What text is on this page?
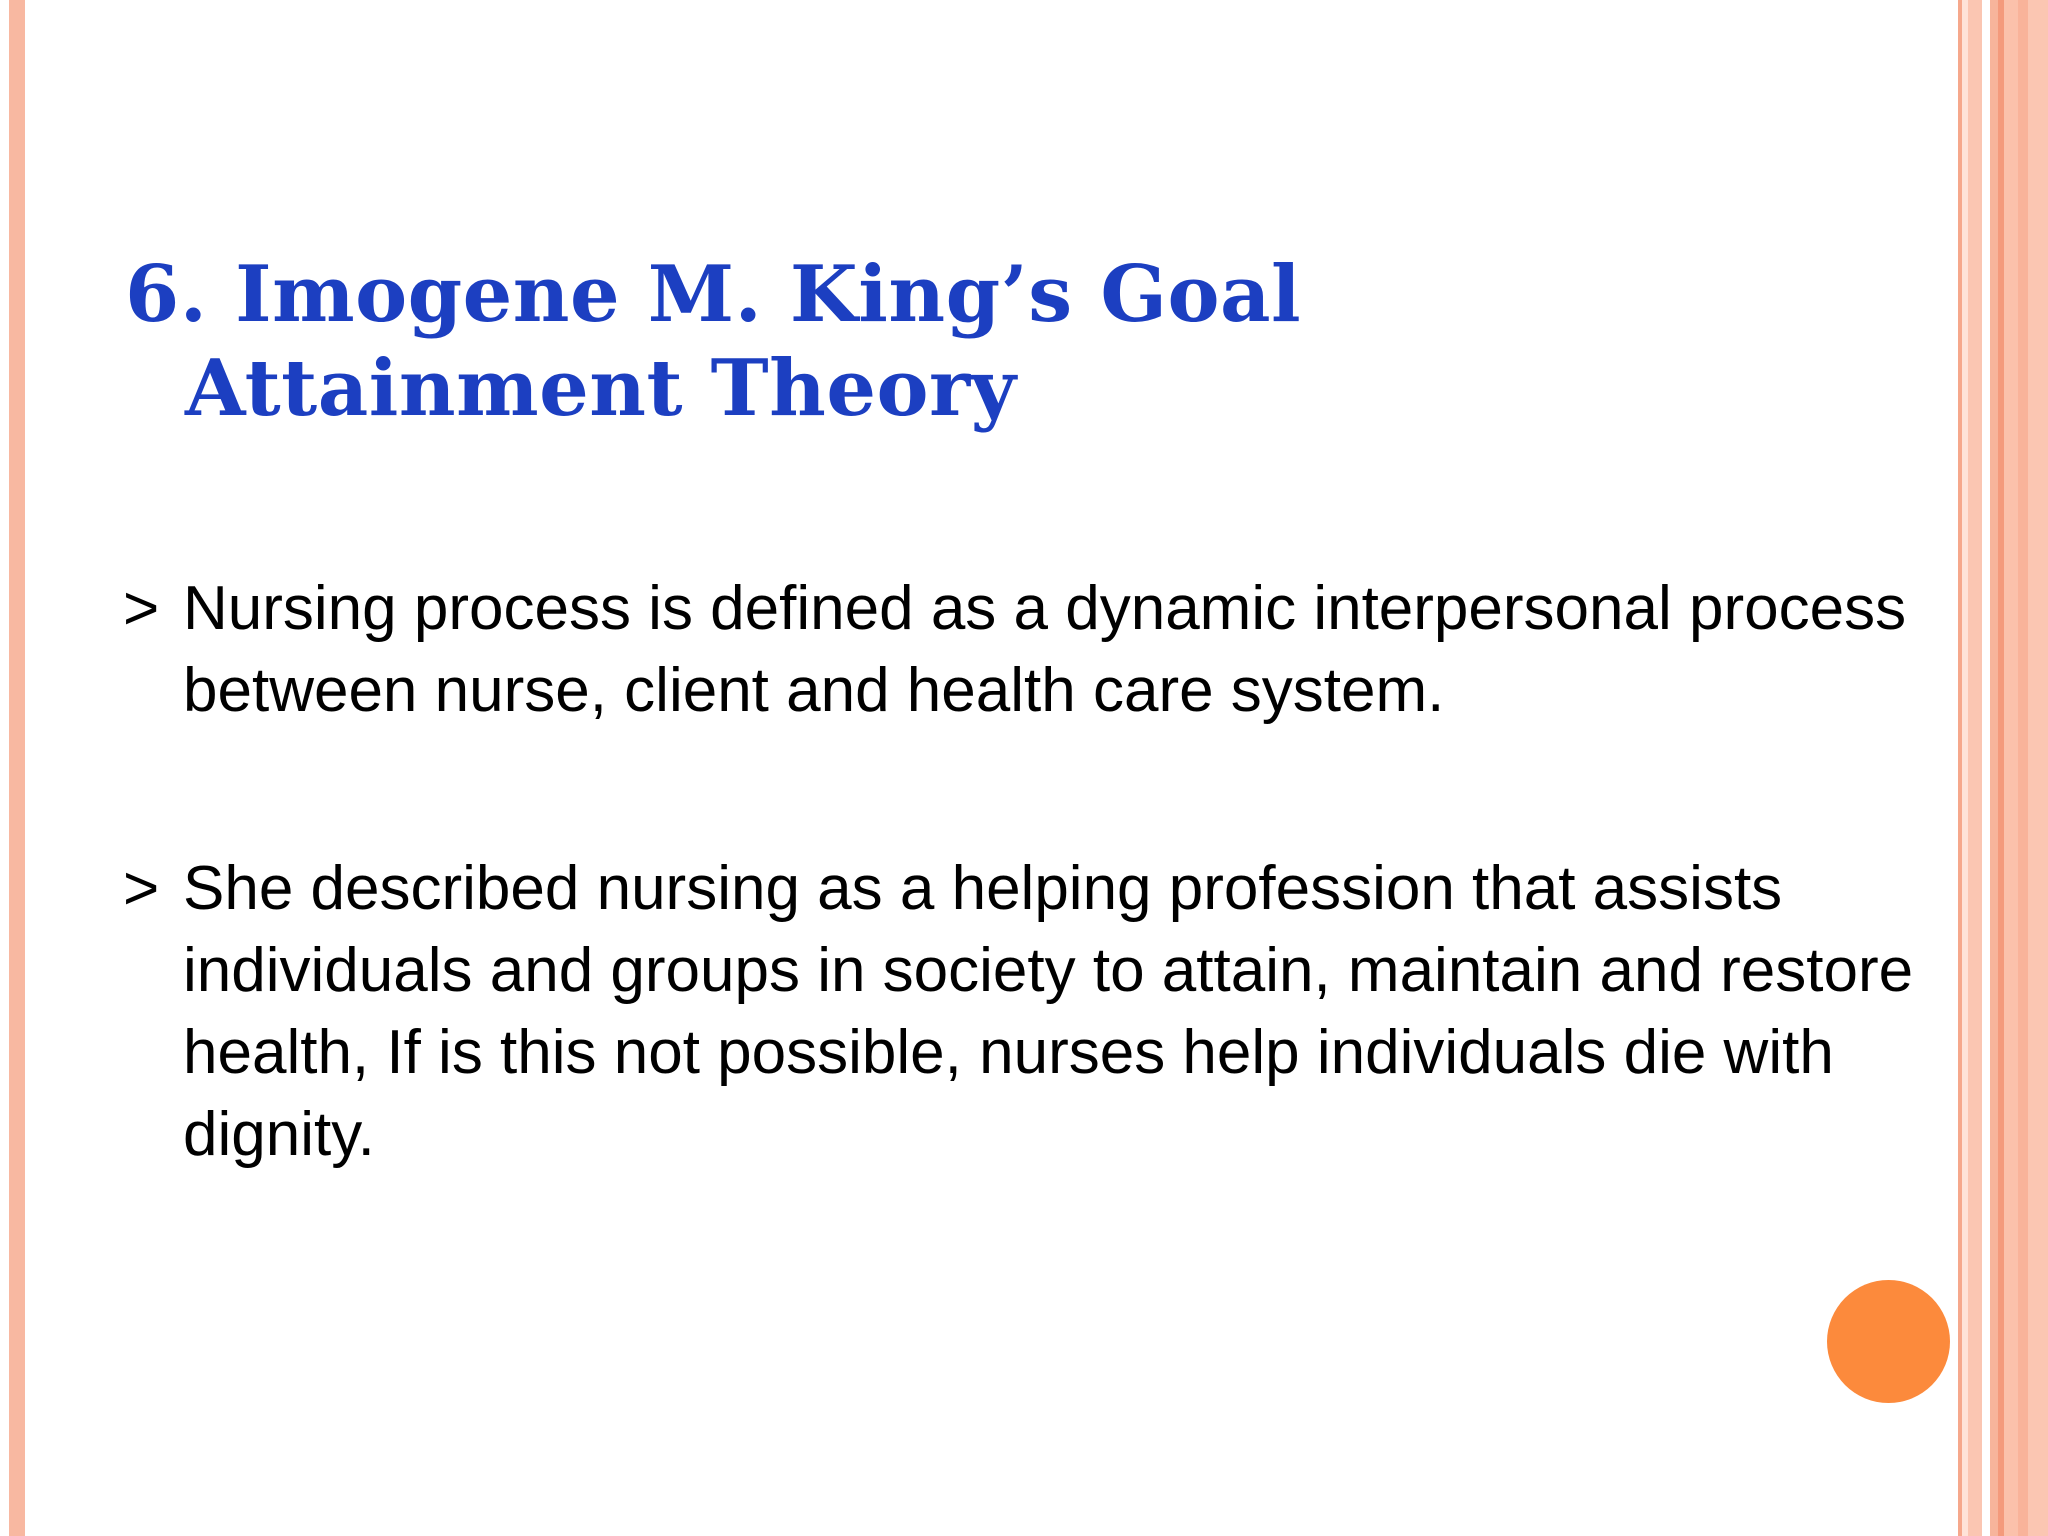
6. Imogene M. King’s Goal Attainment Theory

> Nursing process is defined as a dynamic interpersonal process between nurse, client and health care system.

> She described nursing as a helping profession that assists individuals and groups in society to attain, maintain and restore health, If is this not possible, nurses help individuals die with dignity.
